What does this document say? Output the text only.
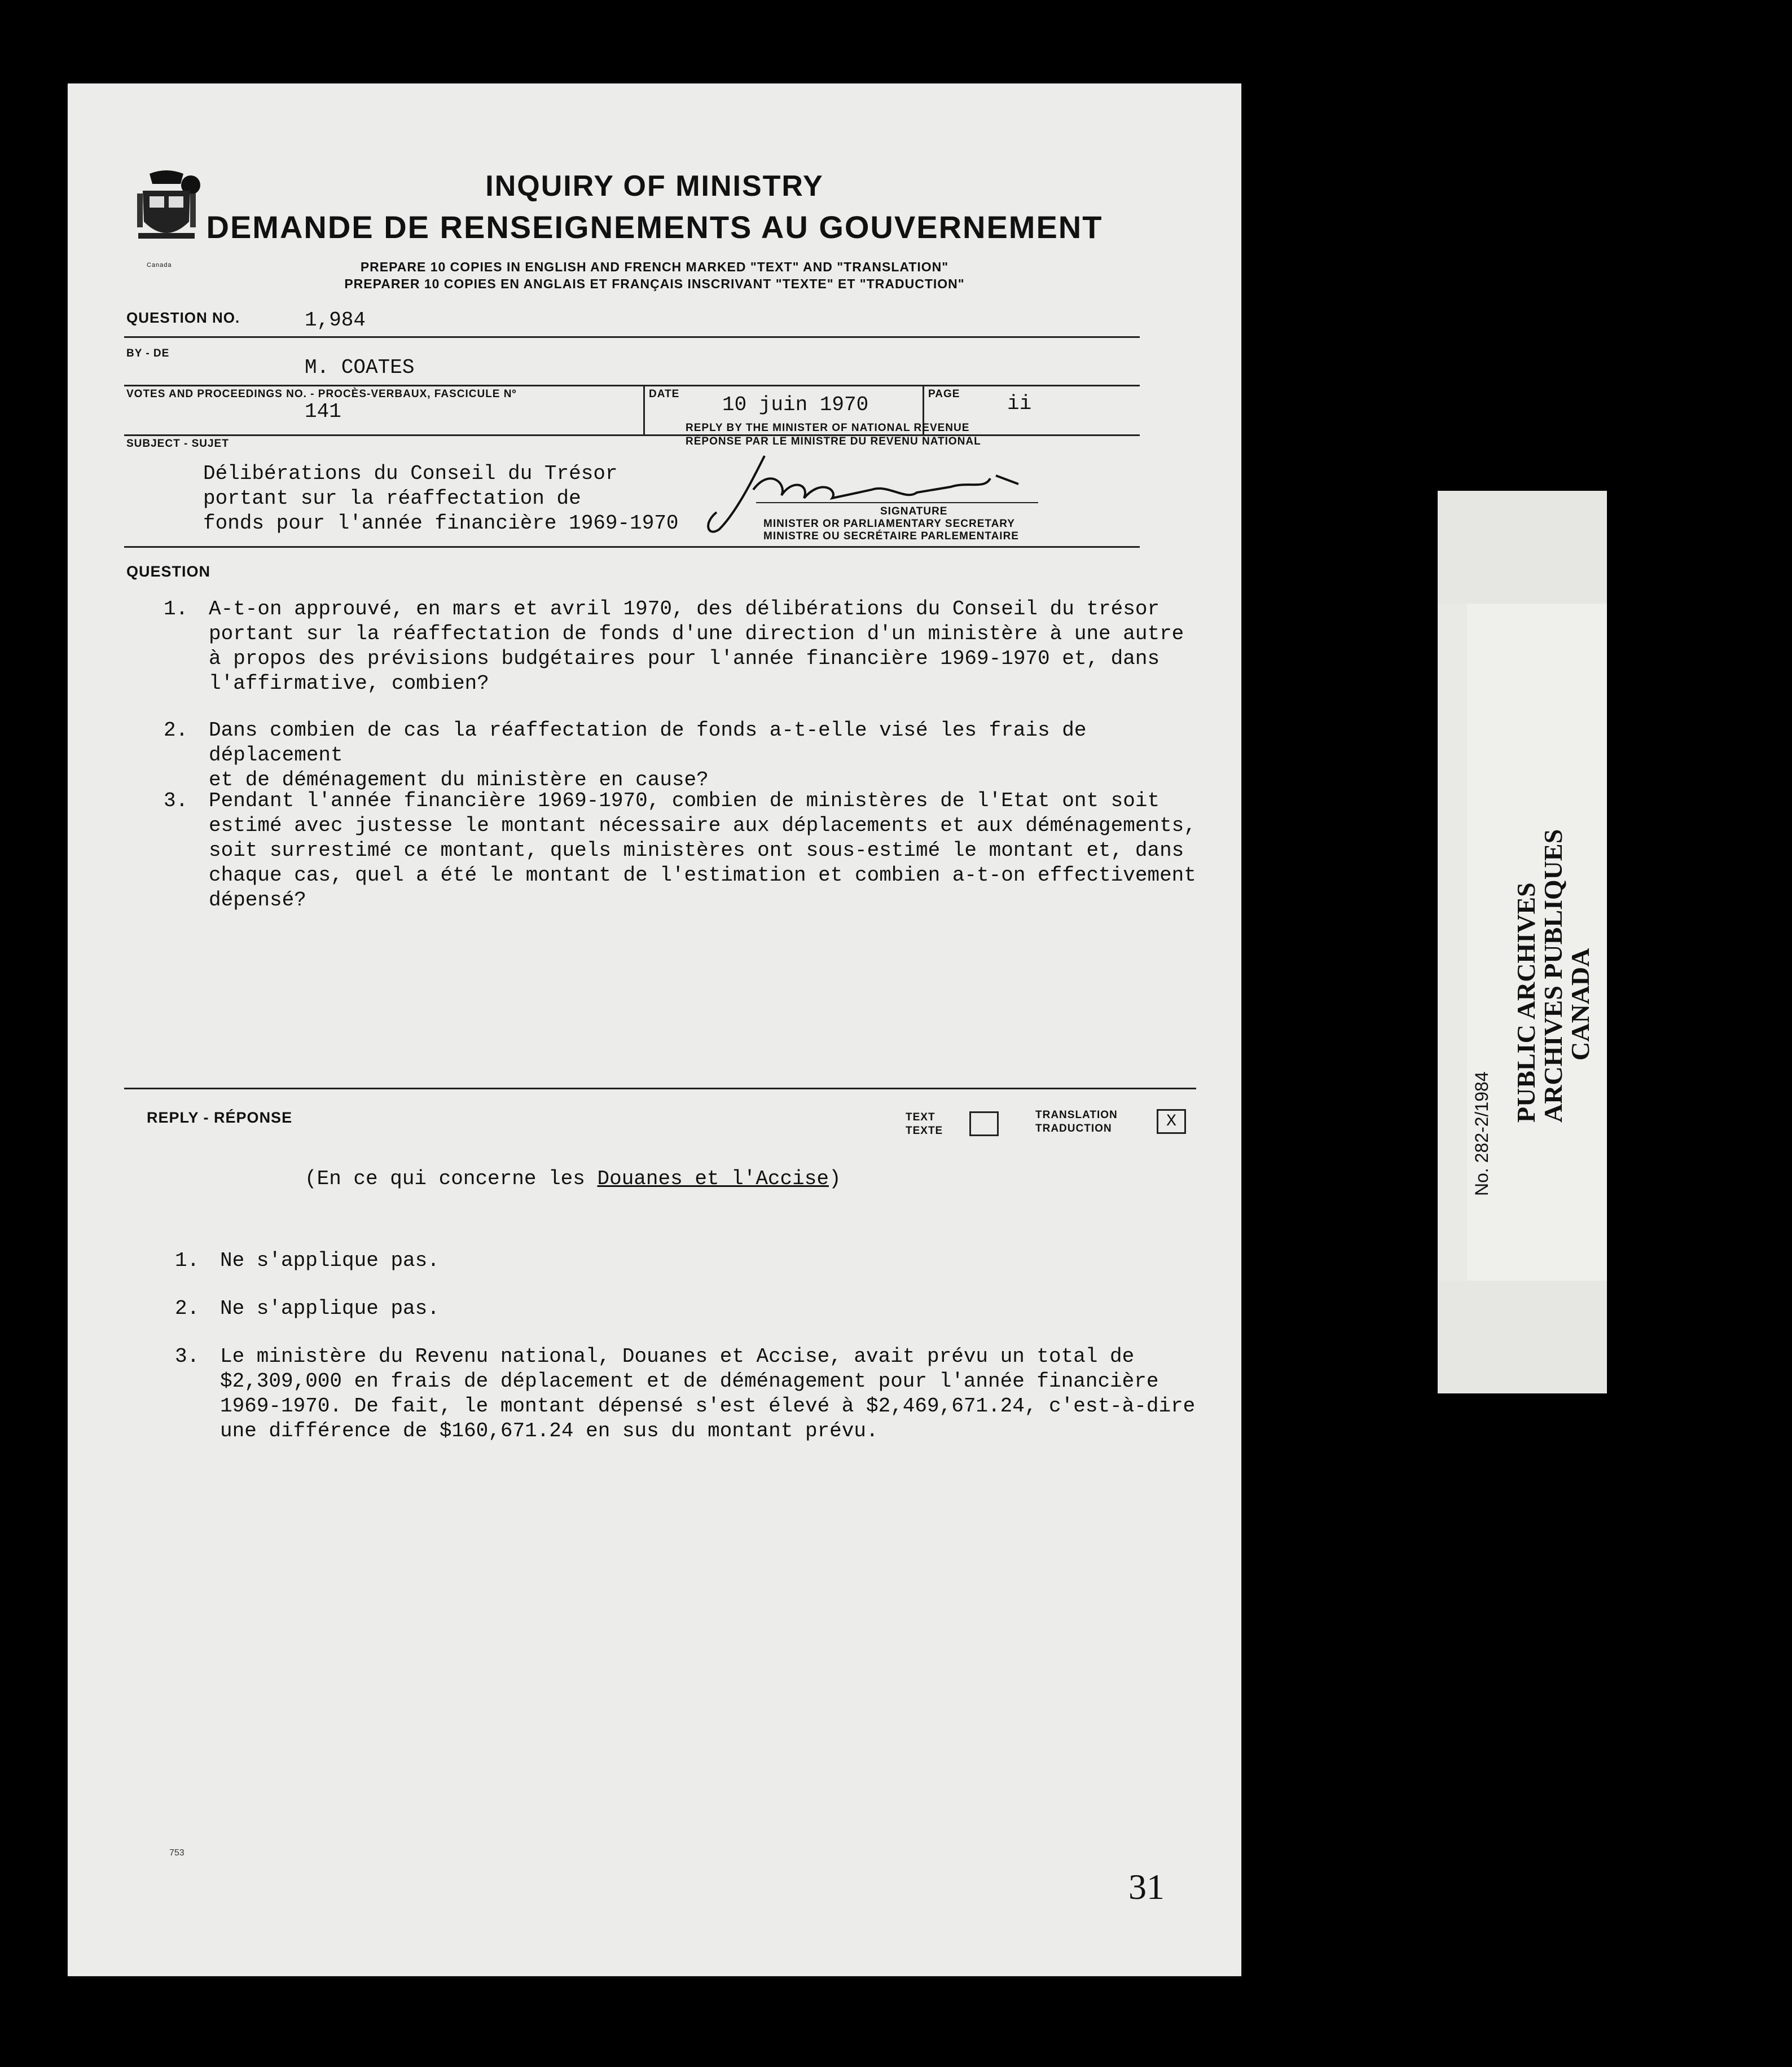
Canada
INQUIRY OF MINISTRY
DEMANDE DE RENSEIGNEMENTS AU GOUVERNEMENT
PREPARE 10 COPIES IN ENGLISH AND FRENCH MARKED "TEXT" AND "TRANSLATION"
PREPARER 10 COPIES EN ANGLAIS ET FRANÇAIS INSCRIVANT "TEXTE" ET "TRADUCTION"
QUESTION NO.	1,984
BY - DE
M. COATES
VOTES AND PROCEEDINGS NO. - PROCÈS-VERBAUX, FASCICULE Nº
141
DATE 10 juin 1970	PAGE ii
SUBJECT - SUJET
Délibérations du Conseil du Trésor
portant sur la réaffectation de
fonds pour l'année financière 1969-1970
REPLY BY THE MINISTER OF NATIONAL REVENUE
RÉPONSE PAR LE MINISTRE DU REVENU NATIONAL
SIGNATURE
MINISTER OR PARLIAMENTARY SECRETARY
MINISTRE OU SECRÉTAIRE PARLEMENTAIRE
QUESTION
1.	A-t-on approuvé, en mars et avril 1970, des délibérations du Conseil du trésor
portant sur la réaffectation de fonds d'une direction d'un ministère à une autre
à propos des prévisions budgétaires pour l'année financière 1969-1970 et, dans
l'affirmative, combien?
2.	Dans combien de cas la réaffectation de fonds a-t-elle visé les frais de déplacement
et de déménagement du ministère en cause?
3.	Pendant l'année financière 1969-1970, combien de ministères de l'Etat ont soit
estimé avec justesse le montant nécessaire aux déplacements et aux déménagements,
soit surrestimé ce montant, quels ministères ont sous-estimé le montant et, dans
chaque cas, quel a été le montant de l'estimation et combien a-t-on effectivement
dépensé?
REPLY - RÉPONSE	TEXT
TEXTE
TRANSLATION
TRADUCTION	X
(En ce qui concerne les Douanes et l'Accise)
1.	Ne s'applique pas.
2.	Ne s'applique pas.
3.	Le ministère du Revenu national, Douanes et Accise, avait prévu un total de
$2,309,000 en frais de déplacement et de déménagement pour l'année financière
1969-1970. De fait, le montant dépensé s'est élevé à $2,469,671.24, c'est-à-dire
une différence de $160,671.24 en sus du montant prévu.
753
31
No. 282-2/1984
PUBLIC ARCHIVES
ARCHIVES PUBLIQUES
CANADA
